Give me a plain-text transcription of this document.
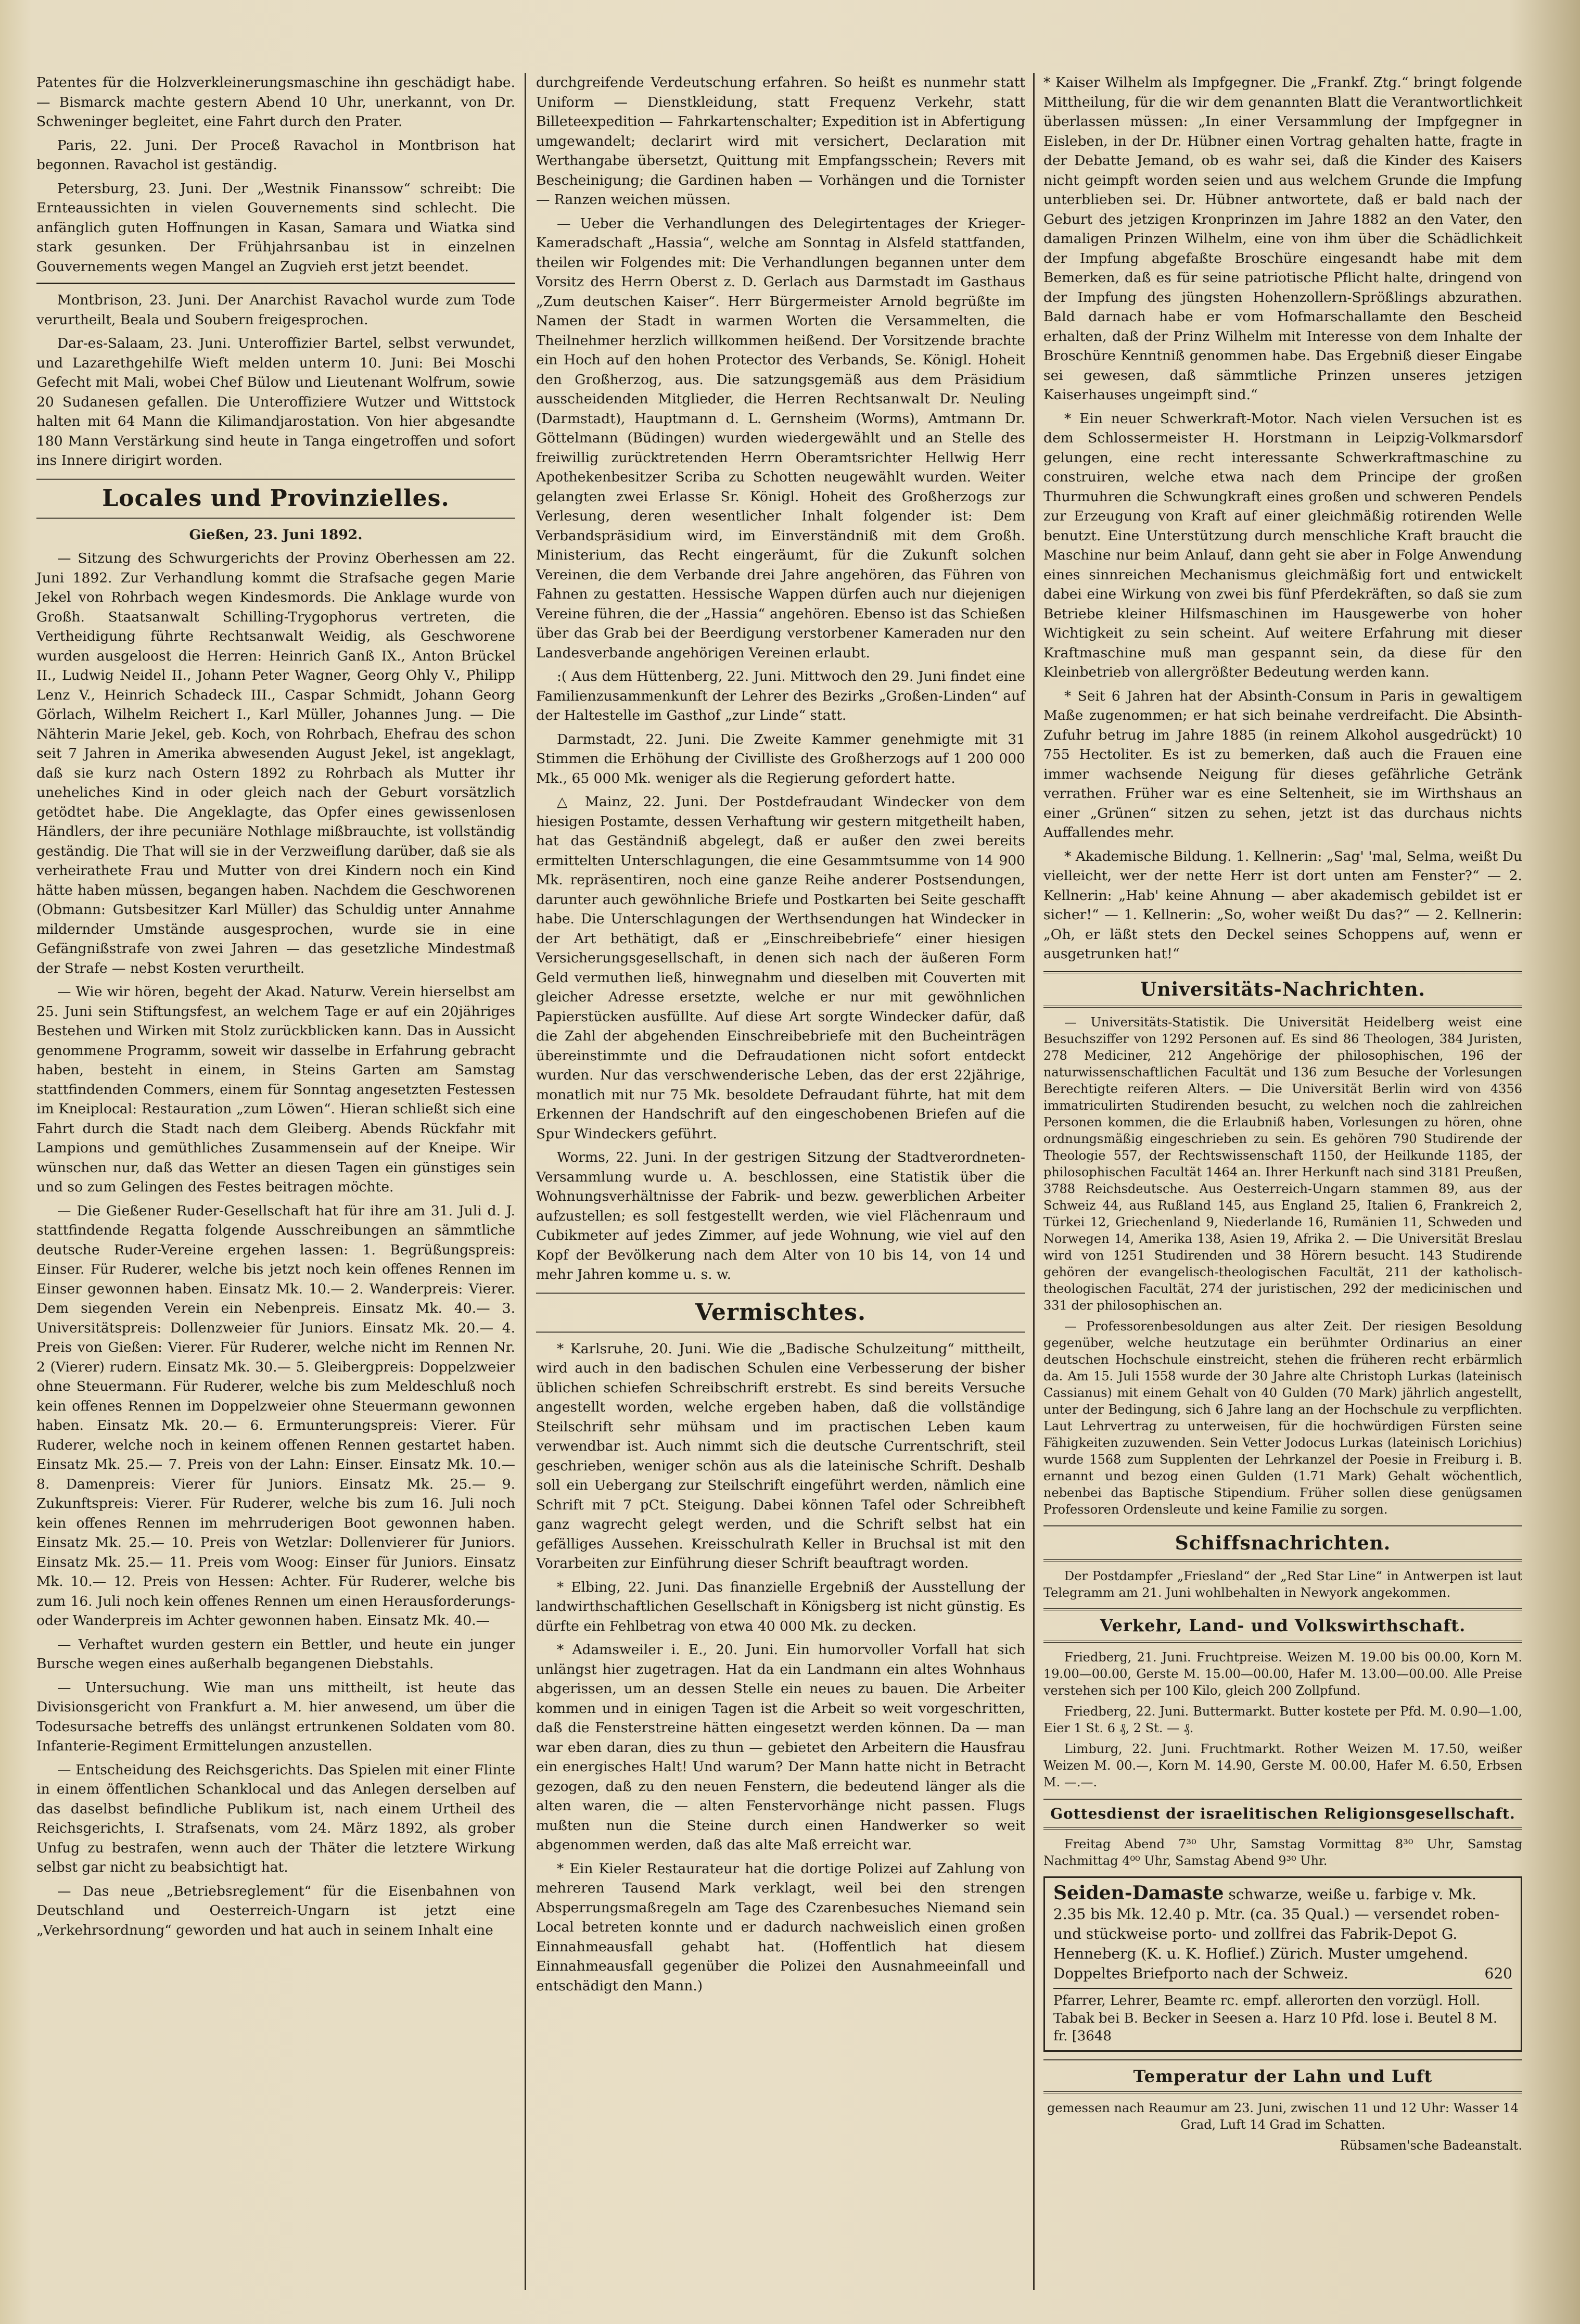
Patentes für die Holzverkleinerungsmaschine ihn geschädigt habe. — Bismarck machte gestern Abend 10 Uhr, unerkannt, von Dr. Schweninger begleitet, eine Fahrt durch den Prater.

Paris, 22. Juni. Der Proceß Ravachol in Montbrison hat begonnen. Ravachol ist geständig.

Petersburg, 23. Juni. Der „Westnik Finanssow“ schreibt: Die Ernteaussichten in vielen Gouvernements sind schlecht. Die anfänglich guten Hoffnungen in Kasan, Samara und Wiatka sind stark gesunken. Der Frühjahrsanbau ist in einzelnen Gouvernements wegen Mangel an Zugvieh erst jetzt beendet.

Montbrison, 23. Juni. Der Anarchist Ravachol wurde zum Tode verurtheilt, Beala und Soubern freigesprochen.

Dar-es-Salaam, 23. Juni. Unteroffizier Bartel, selbst verwundet, und Lazarethgehilfe Wieft melden unterm 10. Juni: Bei Moschi Gefecht mit Mali, wobei Chef Bülow und Lieutenant Wolfrum, sowie 20 Sudanesen gefallen. Die Unteroffiziere Wutzer und Wittstock halten mit 64 Mann die Kilimandjarostation. Von hier abgesandte 180 Mann Verstärkung sind heute in Tanga eingetroffen und sofort ins Innere dirigirt worden.

Locales und Provinzielles.

Gießen, 23. Juni 1892.

— Sitzung des Schwurgerichts der Provinz Oberhessen am 22. Juni 1892. Zur Verhandlung kommt die Strafsache gegen Marie Jekel von Rohrbach wegen Kindesmords. Die Anklage wurde von Großh. Staatsanwalt Schilling-Trygophorus vertreten, die Vertheidigung führte Rechtsanwalt Weidig, als Geschworene wurden ausgeloost die Herren: Heinrich Ganß IX., Anton Brückel II., Ludwig Neidel II., Johann Peter Wagner, Georg Ohly V., Philipp Lenz V., Heinrich Schadeck III., Caspar Schmidt, Johann Georg Görlach, Wilhelm Reichert I., Karl Müller, Johannes Jung. — Die Nähterin Marie Jekel, geb. Koch, von Rohrbach, Ehefrau des schon seit 7 Jahren in Amerika abwesenden August Jekel, ist angeklagt, daß sie kurz nach Ostern 1892 zu Rohrbach als Mutter ihr uneheliches Kind in oder gleich nach der Geburt vorsätzlich getödtet habe. Die Angeklagte, das Opfer eines gewissenlosen Händlers, der ihre pecuniäre Nothlage mißbrauchte, ist vollständig geständig. Die That will sie in der Verzweiflung darüber, daß sie als verheirathete Frau und Mutter von drei Kindern noch ein Kind hätte haben müssen, begangen haben. Nachdem die Geschworenen (Obmann: Gutsbesitzer Karl Müller) das Schuldig unter Annahme mildernder Umstände ausgesprochen, wurde sie in eine Gefängnißstrafe von zwei Jahren — das gesetzliche Mindestmaß der Strafe — nebst Kosten verurtheilt.

— Wie wir hören, begeht der Akad. Naturw. Verein hierselbst am 25. Juni sein Stiftungsfest, an welchem Tage er auf ein 20jähriges Bestehen und Wirken mit Stolz zurückblicken kann. Das in Aussicht genommene Programm, soweit wir dasselbe in Erfahrung gebracht haben, besteht in einem, in Steins Garten am Samstag stattfindenden Commers, einem für Sonntag angesetzten Festessen im Kneiplocal: Restauration „zum Löwen“. Hieran schließt sich eine Fahrt durch die Stadt nach dem Gleiberg. Abends Rückfahr mit Lampions und gemüthliches Zusammensein auf der Kneipe. Wir wünschen nur, daß das Wetter an diesen Tagen ein günstiges sein und so zum Gelingen des Festes beitragen möchte.

— Die Gießener Ruder-Gesellschaft hat für ihre am 31. Juli d. J. stattfindende Regatta folgende Ausschreibungen an sämmtliche deutsche Ruder-Vereine ergehen lassen: 1. Begrüßungspreis: Einser. Für Ruderer, welche bis jetzt noch kein offenes Rennen im Einser gewonnen haben. Einsatz Mk. 10.— 2. Wanderpreis: Vierer. Dem siegenden Verein ein Nebenpreis. Einsatz Mk. 40.— 3. Universitätspreis: Dollenzweier für Juniors. Einsatz Mk. 20.— 4. Preis von Gießen: Vierer. Für Ruderer, welche nicht im Rennen Nr. 2 (Vierer) rudern. Einsatz Mk. 30.— 5. Gleibergpreis: Doppelzweier ohne Steuermann. Für Ruderer, welche bis zum Meldeschluß noch kein offenes Rennen im Doppelzweier ohne Steuermann gewonnen haben. Einsatz Mk. 20.— 6. Ermunterungspreis: Vierer. Für Ruderer, welche noch in keinem offenen Rennen gestartet haben. Einsatz Mk. 25.— 7. Preis von der Lahn: Einser. Einsatz Mk. 10.— 8. Damenpreis: Vierer für Juniors. Einsatz Mk. 25.— 9. Zukunftspreis: Vierer. Für Ruderer, welche bis zum 16. Juli noch kein offenes Rennen im mehrruderigen Boot gewonnen haben. Einsatz Mk. 25.— 10. Preis von Wetzlar: Dollenvierer für Juniors. Einsatz Mk. 25.— 11. Preis vom Woog: Einser für Juniors. Einsatz Mk. 10.— 12. Preis von Hessen: Achter. Für Ruderer, welche bis zum 16. Juli noch kein offenes Rennen um einen Herausforderungs- oder Wanderpreis im Achter gewonnen haben. Einsatz Mk. 40.—

— Verhaftet wurden gestern ein Bettler, und heute ein junger Bursche wegen eines außerhalb begangenen Diebstahls.

— Untersuchung. Wie man uns mittheilt, ist heute das Divisionsgericht von Frankfurt a. M. hier anwesend, um über die Todesursache betreffs des unlängst ertrunkenen Soldaten vom 80. Infanterie-Regiment Ermittelungen anzustellen.

— Entscheidung des Reichsgerichts. Das Spielen mit einer Flinte in einem öffentlichen Schanklocal und das Anlegen derselben auf das daselbst befindliche Publikum ist, nach einem Urtheil des Reichsgerichts, I. Strafsenats, vom 24. März 1892, als grober Unfug zu bestrafen, wenn auch der Thäter die letztere Wirkung selbst gar nicht zu beabsichtigt hat.

— Das neue „Betriebsreglement“ für die Eisenbahnen von Deutschland und Oesterreich-Ungarn ist jetzt eine „Verkehrsordnung“ geworden und hat auch in seinem Inhalt eine

durchgreifende Verdeutschung erfahren. So heißt es nunmehr statt Uniform — Dienstkleidung, statt Frequenz Verkehr, statt Billeteexpedition — Fahrkartenschalter; Expedition ist in Abfertigung umgewandelt; declarirt wird mit versichert, Declaration mit Werthangabe übersetzt, Quittung mit Empfangsschein; Revers mit Bescheinigung; die Gardinen haben — Vorhängen und die Tornister — Ranzen weichen müssen.

— Ueber die Verhandlungen des Delegirtentages der Krieger-Kameradschaft „Hassia“, welche am Sonntag in Alsfeld stattfanden, theilen wir Folgendes mit: Die Verhandlungen begannen unter dem Vorsitz des Herrn Oberst z. D. Gerlach aus Darmstadt im Gasthaus „Zum deutschen Kaiser“. Herr Bürgermeister Arnold begrüßte im Namen der Stadt in warmen Worten die Versammelten, die Theilnehmer herzlich willkommen heißend. Der Vorsitzende brachte ein Hoch auf den hohen Protector des Verbands, Se. Königl. Hoheit den Großherzog, aus. Die satzungsgemäß aus dem Präsidium ausscheidenden Mitglieder, die Herren Rechtsanwalt Dr. Neuling (Darmstadt), Hauptmann d. L. Gernsheim (Worms), Amtmann Dr. Göttelmann (Büdingen) wurden wiedergewählt und an Stelle des freiwillig zurücktretenden Herrn Oberamtsrichter Hellwig Herr Apothekenbesitzer Scriba zu Schotten neugewählt wurden. Weiter gelangten zwei Erlasse Sr. Königl. Hoheit des Großherzogs zur Verlesung, deren wesentlicher Inhalt folgender ist: Dem Verbandspräsidium wird, im Einverständniß mit dem Großh. Ministerium, das Recht eingeräumt, für die Zukunft solchen Vereinen, die dem Verbande drei Jahre angehören, das Führen von Fahnen zu gestatten. Hessische Wappen dürfen auch nur diejenigen Vereine führen, die der „Hassia“ angehören. Ebenso ist das Schießen über das Grab bei der Beerdigung verstorbener Kameraden nur den Landesverbande angehörigen Vereinen erlaubt.

:( Aus dem Hüttenberg, 22. Juni. Mittwoch den 29. Juni findet eine Familienzusammenkunft der Lehrer des Bezirks „Großen-Linden“ auf der Haltestelle im Gasthof „zur Linde“ statt.

Darmstadt, 22. Juni. Die Zweite Kammer genehmigte mit 31 Stimmen die Erhöhung der Civilliste des Großherzogs auf 1 200 000 Mk., 65 000 Mk. weniger als die Regierung gefordert hatte.

△ Mainz, 22. Juni. Der Postdefraudant Windecker von dem hiesigen Postamte, dessen Verhaftung wir gestern mitgetheilt haben, hat das Geständniß abgelegt, daß er außer den zwei bereits ermittelten Unterschlagungen, die eine Gesammtsumme von 14 900 Mk. repräsentiren, noch eine ganze Reihe anderer Postsendungen, darunter auch gewöhnliche Briefe und Postkarten bei Seite geschafft habe. Die Unterschlagungen der Werthsendungen hat Windecker in der Art bethätigt, daß er „Einschreibebriefe“ einer hiesigen Versicherungsgesellschaft, in denen sich nach der äußeren Form Geld vermuthen ließ, hinwegnahm und dieselben mit Couverten mit gleicher Adresse ersetzte, welche er nur mit gewöhnlichen Papierstücken ausfüllte. Auf diese Art sorgte Windecker dafür, daß die Zahl der abgehenden Einschreibebriefe mit den Bucheinträgen übereinstimmte und die Defraudationen nicht sofort entdeckt wurden. Nur das verschwenderische Leben, das der erst 22jährige, monatlich mit nur 75 Mk. besoldete Defraudant führte, hat mit dem Erkennen der Handschrift auf den eingeschobenen Briefen auf die Spur Windeckers geführt.

Worms, 22. Juni. In der gestrigen Sitzung der Stadtverordneten-Versammlung wurde u. A. beschlossen, eine Statistik über die Wohnungsverhältnisse der Fabrik- und bezw. gewerblichen Arbeiter aufzustellen; es soll festgestellt werden, wie viel Flächenraum und Cubikmeter auf jedes Zimmer, auf jede Wohnung, wie viel auf den Kopf der Bevölkerung nach dem Alter von 10 bis 14, von 14 und mehr Jahren komme u. s. w.

Vermischtes.

* Karlsruhe, 20. Juni. Wie die „Badische Schulzeitung“ mittheilt, wird auch in den badischen Schulen eine Verbesserung der bisher üblichen schiefen Schreibschrift erstrebt. Es sind bereits Versuche angestellt worden, welche ergeben haben, daß die vollständige Steilschrift sehr mühsam und im practischen Leben kaum verwendbar ist. Auch nimmt sich die deutsche Currentschrift, steil geschrieben, weniger schön aus als die lateinische Schrift. Deshalb soll ein Uebergang zur Steilschrift eingeführt werden, nämlich eine Schrift mit 7 pCt. Steigung. Dabei können Tafel oder Schreibheft ganz wagrecht gelegt werden, und die Schrift selbst hat ein gefälliges Aussehen. Kreisschulrath Keller in Bruchsal ist mit den Vorarbeiten zur Einführung dieser Schrift beauftragt worden.

* Elbing, 22. Juni. Das finanzielle Ergebniß der Ausstellung der landwirthschaftlichen Gesellschaft in Königsberg ist nicht günstig. Es dürfte ein Fehlbetrag von etwa 40 000 Mk. zu decken.

* Adamsweiler i. E., 20. Juni. Ein humorvoller Vorfall hat sich unlängst hier zugetragen. Hat da ein Landmann ein altes Wohnhaus abgerissen, um an dessen Stelle ein neues zu bauen. Die Arbeiter kommen und in einigen Tagen ist die Arbeit so weit vorgeschritten, daß die Fensterstreine hätten eingesetzt werden können. Da — man war eben daran, dies zu thun — gebietet den Arbeitern die Hausfrau ein energisches Halt! Und warum? Der Mann hatte nicht in Betracht gezogen, daß zu den neuen Fenstern, die bedeutend länger als die alten waren, die — alten Fenstervorhänge nicht passen. Flugs mußten nun die Steine durch einen Handwerker so weit abgenommen werden, daß das alte Maß erreicht war.

* Ein Kieler Restaurateur hat die dortige Polizei auf Zahlung von mehreren Tausend Mark verklagt, weil bei den strengen Absperrungsmaßregeln am Tage des Czarenbesuches Niemand sein Local betreten konnte und er dadurch nachweislich einen großen Einnahmeausfall gehabt hat. (Hoffentlich hat diesem Einnahmeausfall gegenüber die Polizei den Ausnahmeeinfall und entschädigt den Mann.)

* Kaiser Wilhelm als Impfgegner. Die „Frankf. Ztg.“ bringt folgende Mittheilung, für die wir dem genannten Blatt die Verantwortlichkeit überlassen müssen: „In einer Versammlung der Impfgegner in Eisleben, in der Dr. Hübner einen Vortrag gehalten hatte, fragte in der Debatte Jemand, ob es wahr sei, daß die Kinder des Kaisers nicht geimpft worden seien und aus welchem Grunde die Impfung unterblieben sei. Dr. Hübner antwortete, daß er bald nach der Geburt des jetzigen Kronprinzen im Jahre 1882 an den Vater, den damaligen Prinzen Wilhelm, eine von ihm über die Schädlichkeit der Impfung abgefaßte Broschüre eingesandt habe mit dem Bemerken, daß es für seine patriotische Pflicht halte, dringend von der Impfung des jüngsten Hohenzollern-Sprößlings abzurathen. Bald darnach habe er vom Hofmarschallamte den Bescheid erhalten, daß der Prinz Wilhelm mit Interesse von dem Inhalte der Broschüre Kenntniß genommen habe. Das Ergebniß dieser Eingabe sei gewesen, daß sämmtliche Prinzen unseres jetzigen Kaiserhauses ungeimpft sind.“

* Ein neuer Schwerkraft-Motor. Nach vielen Versuchen ist es dem Schlossermeister H. Horstmann in Leipzig-Volkmarsdorf gelungen, eine recht interessante Schwerkraftmaschine zu construiren, welche etwa nach dem Principe der großen Thurmuhren die Schwungkraft eines großen und schweren Pendels zur Erzeugung von Kraft auf einer gleichmäßig rotirenden Welle benutzt. Eine Unterstützung durch menschliche Kraft braucht die Maschine nur beim Anlauf, dann geht sie aber in Folge Anwendung eines sinnreichen Mechanismus gleichmäßig fort und entwickelt dabei eine Wirkung von zwei bis fünf Pferdekräften, so daß sie zum Betriebe kleiner Hilfsmaschinen im Hausgewerbe von hoher Wichtigkeit zu sein scheint. Auf weitere Erfahrung mit dieser Kraftmaschine muß man gespannt sein, da diese für den Kleinbetrieb von allergrößter Bedeutung werden kann.

* Seit 6 Jahren hat der Absinth-Consum in Paris in gewaltigem Maße zugenommen; er hat sich beinahe verdreifacht. Die Absinth-Zufuhr betrug im Jahre 1885 (in reinem Alkohol ausgedrückt) 10 755 Hectoliter. Es ist zu bemerken, daß auch die Frauen eine immer wachsende Neigung für dieses gefährliche Getränk verrathen. Früher war es eine Seltenheit, sie im Wirthshaus an einer „Grünen“ sitzen zu sehen, jetzt ist das durchaus nichts Auffallendes mehr.

* Akademische Bildung. 1. Kellnerin: „Sag' 'mal, Selma, weißt Du vielleicht, wer der nette Herr ist dort unten am Fenster?“ — 2. Kellnerin: „Hab' keine Ahnung — aber akademisch gebildet ist er sicher!“ — 1. Kellnerin: „So, woher weißt Du das?“ — 2. Kellnerin: „Oh, er läßt stets den Deckel seines Schoppens auf, wenn er ausgetrunken hat!“

Universitäts-Nachrichten.

— Universitäts-Statistik. Die Universität Heidelberg weist eine Besuchsziffer von 1292 Personen auf. Es sind 86 Theologen, 384 Juristen, 278 Mediciner, 212 Angehörige der philosophischen, 196 der naturwissenschaftlichen Facultät und 136 zum Besuche der Vorlesungen Berechtigte reiferen Alters. — Die Universität Berlin wird von 4356 immatriculirten Studirenden besucht, zu welchen noch die zahlreichen Personen kommen, die die Erlaubniß haben, Vorlesungen zu hören, ohne ordnungsmäßig eingeschrieben zu sein. Es gehören 790 Studirende der Theologie 557, der Rechtswissenschaft 1150, der Heilkunde 1185, der philosophischen Facultät 1464 an. Ihrer Herkunft nach sind 3181 Preußen, 3788 Reichsdeutsche. Aus Oesterreich-Ungarn stammen 89, aus der Schweiz 44, aus Rußland 145, aus England 25, Italien 6, Frankreich 2, Türkei 12, Griechenland 9, Niederlande 16, Rumänien 11, Schweden und Norwegen 14, Amerika 138, Asien 19, Afrika 2. — Die Universität Breslau wird von 1251 Studirenden und 38 Hörern besucht. 143 Studirende gehören der evangelisch-theologischen Facultät, 211 der katholisch-theologischen Facultät, 274 der juristischen, 292 der medicinischen und 331 der philosophischen an.

— Professorenbesoldungen aus alter Zeit. Der riesigen Besoldung gegenüber, welche heutzutage ein berühmter Ordinarius an einer deutschen Hochschule einstreicht, stehen die früheren recht erbärmlich da. Am 15. Juli 1558 wurde der 30 Jahre alte Christoph Lurkas (lateinisch Cassianus) mit einem Gehalt von 40 Gulden (70 Mark) jährlich angestellt, unter der Bedingung, sich 6 Jahre lang an der Hochschule zu verpflichten. Laut Lehrvertrag zu unterweisen, für die hochwürdigen Fürsten seine Fähigkeiten zuzuwenden. Sein Vetter Jodocus Lurkas (lateinisch Lorichius) wurde 1568 zum Supplenten der Lehrkanzel der Poesie in Freiburg i. B. ernannt und bezog einen Gulden (1.71 Mark) Gehalt wöchentlich, nebenbei das Baptische Stipendium. Früher sollen diese genügsamen Professoren Ordensleute und keine Familie zu sorgen.

Schiffsnachrichten.

Der Postdampfer „Friesland“ der „Red Star Line“ in Antwerpen ist laut Telegramm am 21. Juni wohlbehalten in Newyork angekommen.

Verkehr, Land- und Volkswirthschaft.

Friedberg, 21. Juni. Fruchtpreise. Weizen M. 19.00 bis 00.00, Korn M. 19.00—00.00, Gerste M. 15.00—00.00, Hafer M. 13.00—00.00. Alle Preise verstehen sich per 100 Kilo, gleich 200 Zollpfund.

Friedberg, 22. Juni. Buttermarkt. Butter kostete per Pfd. M. 0.90—1.00, Eier 1 St. 6 ₰, 2 St. — ₰.

Limburg, 22. Juni. Fruchtmarkt. Rother Weizen M. 17.50, weißer Weizen M. 00.—, Korn M. 14.90, Gerste M. 00.00, Hafer M. 6.50, Erbsen M. —.—.

Gottesdienst der israelitischen Religionsgesellschaft.

Freitag Abend 7³⁰ Uhr, Samstag Vormittag 8³⁰ Uhr, Samstag Nachmittag 4⁰⁰ Uhr, Samstag Abend 9³⁰ Uhr.

Seiden-Damaste schwarze, weiße u. farbige v. Mk. 2.35 bis Mk. 12.40 p. Mtr. (ca. 35 Qual.) — versendet roben- und stückweise porto- und zollfrei das Fabrik-Depot G. Henneberg (K. u. K. Hoflief.) Zürich. Muster umgehend. Doppeltes Briefporto nach der Schweiz.	620
Pfarrer, Lehrer, Beamte rc. empf. allerorten den vorzügl. Holl. Tabak bei B. Becker in Seesen a. Harz 10 Pfd. lose i. Beutel 8 M. fr. [3648
Temperatur der Lahn und Luft

gemessen nach Reaumur am 23. Juni, zwischen 11 und 12 Uhr: Wasser 14 Grad, Luft 14 Grad im Schatten.

Rübsamen'sche Badeanstalt.
